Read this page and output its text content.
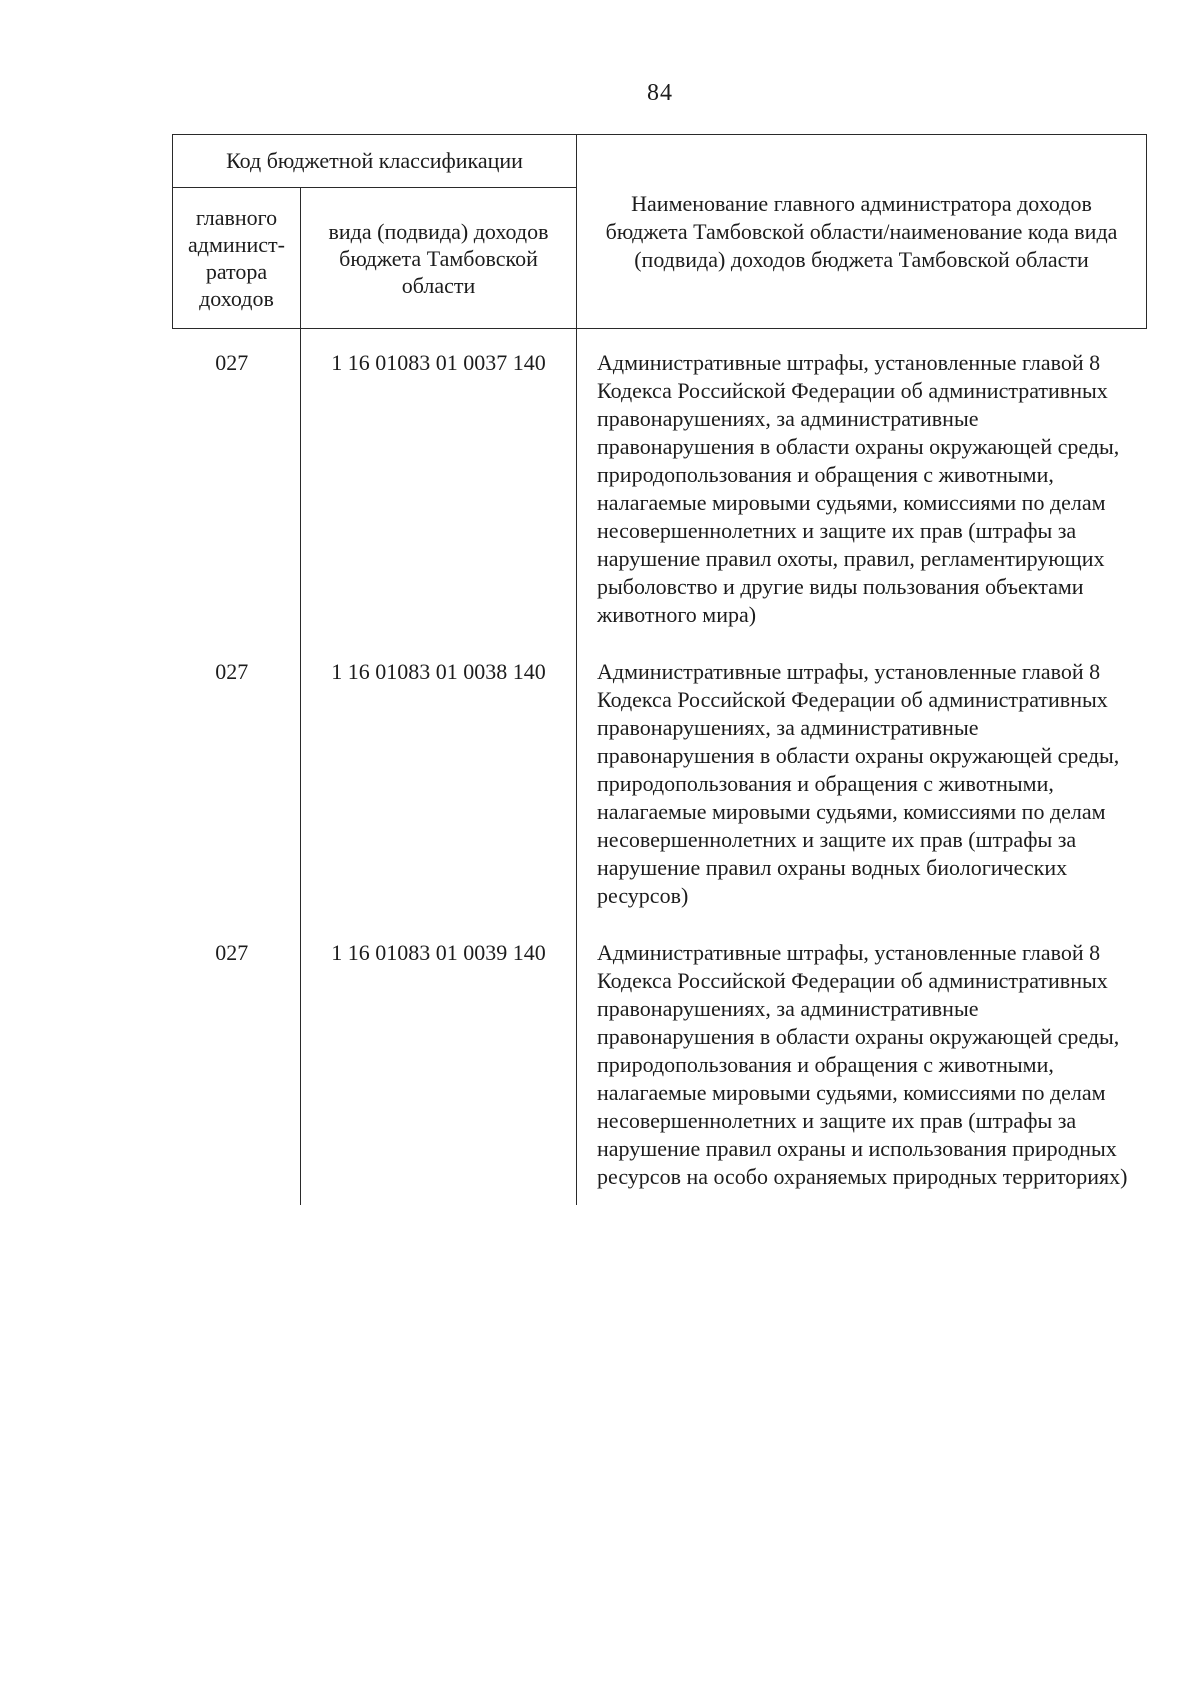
84
Код бюджетной классификации		Наименование главного администратора доходов бюджета Тамбовской области/наименование кода вида (подвида) доходов бюджета Тамбовской области
главного админист-ратора доходов	вида (подвида) доходов бюджета Тамбовской области	
027	1 16 01083 01 0037 140	Административные штрафы, установленные главой 8 Кодекса Российской Федерации об административных правонарушениях, за административные правонарушения в области охраны окружающей среды, природопользования и обращения с животными, налагаемые мировыми судьями, комиссиями по делам несовершеннолетних и защите их прав (штрафы за нарушение правил охоты, правил, регламентирующих рыболовство и другие виды пользования объектами животного мира)
027	1 16 01083 01 0038 140	Административные штрафы, установленные главой 8 Кодекса Российской Федерации об административных правонарушениях, за административные правонарушения в области охраны окружающей среды, природопользования и обращения с животными, налагаемые мировыми судьями, комиссиями по делам несовершеннолетних и защите их прав (штрафы за нарушение правил охраны водных биологических ресурсов)
027	1 16 01083 01 0039 140	Административные штрафы, установленные главой 8 Кодекса Российской Федерации об административных правонарушениях, за административные правонарушения в области охраны окружающей среды, природопользования и обращения с животными, налагаемые мировыми судьями, комиссиями по делам несовершеннолетних и защите их прав (штрафы за нарушение правил охраны и использования природных ресурсов на особо охраняемых природных территориях)
